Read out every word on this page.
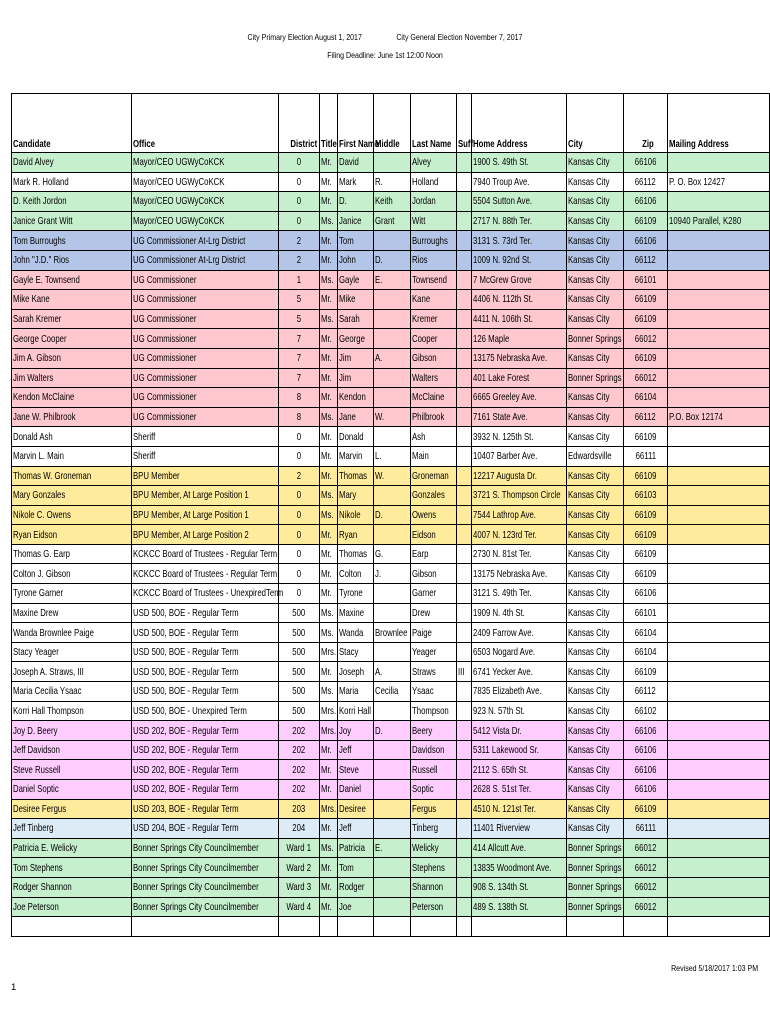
City Primary Election August 1, 2017	City General Election November 7, 2017
Filing Deadline: June 1st 12:00 Noon
Candidate	Office	District	Title	First Name	Middle	Last Name	Suff	Home Address	City	Zip	Mailing Address
David Alvey	Mayor/CEO UGWyCoKCK	0	Mr.	David		Alvey		1900 S. 49th St.	Kansas City	66106	
Mark R. Holland	Mayor/CEO UGWyCoKCK	0	Mr.	Mark	R.	Holland		7940 Troup Ave.	Kansas City	66112	P. O. Box 12427
D. Keith Jordon	Mayor/CEO UGWyCoKCK	0	Mr.	D.	Keith	Jordan		5504 Sutton Ave.	Kansas City	66106	
Janice Grant Witt	Mayor/CEO UGWyCoKCK	0	Ms.	Janice	Grant	Witt		2717 N. 88th Ter.	Kansas City	66109	10940 Parallel, K280
Tom Burroughs	UG Commissioner At-Lrg District	2	Mr.	Tom		Burroughs		3131 S. 73rd Ter.	Kansas City	66106	
John "J.D." Rios	UG Commissioner At-Lrg District	2	Mr.	John	D.	Rios		1009 N. 92nd St.	Kansas City	66112	
Gayle E. Townsend	UG Commissioner	1	Ms.	Gayle	E.	Townsend		7 McGrew Grove	Kansas City	66101	
Mike Kane	UG Commissioner	5	Mr.	Mike		Kane		4406 N. 112th St.	Kansas City	66109	
Sarah Kremer	UG Commissioner	5	Ms.	Sarah		Kremer		4411 N. 106th St.	Kansas City	66109	
George Cooper	UG Commissioner	7	Mr.	George		Cooper		126 Maple	Bonner Springs	66012	
Jim A. Gibson	UG Commissioner	7	Mr.	Jim	A.	Gibson		13175 Nebraska Ave.	Kansas City	66109	
Jim Walters	UG Commissioner	7	Mr.	Jim		Walters		401 Lake Forest	Bonner Springs	66012	
Kendon McClaine	UG Commissioner	8	Mr.	Kendon		McClaine		6665 Greeley Ave.	Kansas City	66104	
Jane W. Philbrook	UG Commissioner	8	Ms.	Jane	W.	Philbrook		7161 State Ave.	Kansas City	66112	P.O. Box 12174
Donald Ash	Sheriff	0	Mr.	Donald		Ash		3932 N. 125th St.	Kansas City	66109	
Marvin L. Main	Sheriff	0	Mr.	Marvin	L.	Main		10407 Barber Ave.	Edwardsville	66111	
Thomas W. Groneman	BPU Member	2	Mr.	Thomas	W.	Groneman		12217 Augusta Dr.	Kansas City	66109	
Mary Gonzales	BPU Member, At Large Position 1	0	Ms.	Mary		Gonzales		3721 S. Thompson Circle	Kansas City	66103	
Nikole C. Owens	BPU Member, At Large Position 1	0	Ms.	Nikole	D.	Owens		7544 Lathrop Ave.	Kansas City	66109	
Ryan Eidson	BPU Member, At Large Position 2	0	Mr.	Ryan		Eidson		4007 N. 123rd Ter.	Kansas City	66109	
Thomas G. Earp	KCKCC Board of Trustees - Regular Term	0	Mr.	Thomas	G.	Earp		2730 N. 81st Ter.	Kansas City	66109	
Colton J. Gibson	KCKCC Board of Trustees - Regular Term	0	Mr.	Colton	J.	Gibson		13175 Nebraska Ave.	Kansas City	66109	
Tyrone Garner	KCKCC Board of Trustees - UnexpiredTerm	0	Mr.	Tyrone		Garner		3121 S. 49th Ter.	Kansas City	66106	
Maxine Drew	USD 500, BOE - Regular Term	500	Ms.	Maxine		Drew		1909 N. 4th St.	Kansas City	66101	
Wanda Brownlee Paige	USD 500, BOE - Regular Term	500	Ms.	Wanda	Brownlee	Paige		2409 Farrow Ave.	Kansas City	66104	
Stacy Yeager	USD 500, BOE - Regular Term	500	Mrs.	Stacy		Yeager		6503 Nogard Ave.	Kansas City	66104	
Joseph A. Straws, III	USD 500, BOE - Regular Term	500	Mr.	Joseph	A.	Straws	III	6741 Yecker Ave.	Kansas City	66109	
Maria Cecilia Ysaac	USD 500, BOE - Regular Term	500	Ms.	Maria	Cecilia	Ysaac		7835 Elizabeth Ave.	Kansas City	66112	
Korri Hall Thompson	USD 500, BOE - Unexpired Term	500	Mrs.	Korri Hall		Thompson		923 N. 57th St.	Kansas City	66102	
Joy D. Beery	USD 202, BOE - Regular Term	202	Mrs.	Joy	D.	Beery		5412 Vista Dr.	Kansas City	66106	
Jeff Davidson	USD 202, BOE - Regular Term	202	Mr.	Jeff		Davidson		5311 Lakewood Sr.	Kansas City	66106	
Steve Russell	USD 202, BOE - Regular Term	202	Mr.	Steve		Russell		2112 S. 65th St.	Kansas City	66106	
Daniel Soptic	USD 202, BOE - Regular Term	202	Mr.	Daniel		Soptic		2628 S. 51st Ter.	Kansas City	66106	
Desiree Fergus	USD 203, BOE - Regular Term	203	Mrs.	Desiree		Fergus		4510 N. 121st Ter.	Kansas City	66109	
Jeff Tinberg	USD 204, BOE - Regular Term	204	Mr.	Jeff		Tinberg		11401 Riverview	Kansas City	66111	
Patricia E. Welicky	Bonner Springs City Councilmember	Ward 1	Ms.	Patricia	E.	Welicky		414 Allcutt Ave.	Bonner Springs	66012	
Tom Stephens	Bonner Springs City Councilmember	Ward 2	Mr.	Tom		Stephens		13835 Woodmont Ave.	Bonner Springs	66012	
Rodger Shannon	Bonner Springs City Councilmember	Ward 3	Mr.	Rodger		Shannon		908 S. 134th St.	Bonner Springs	66012	
Joe Peterson	Bonner Springs City Councilmember	Ward 4	Mr.	Joe		Peterson		489 S. 138th St.	Bonner Springs	66012	

Revised 5/18/2017 1:03 PM
1
